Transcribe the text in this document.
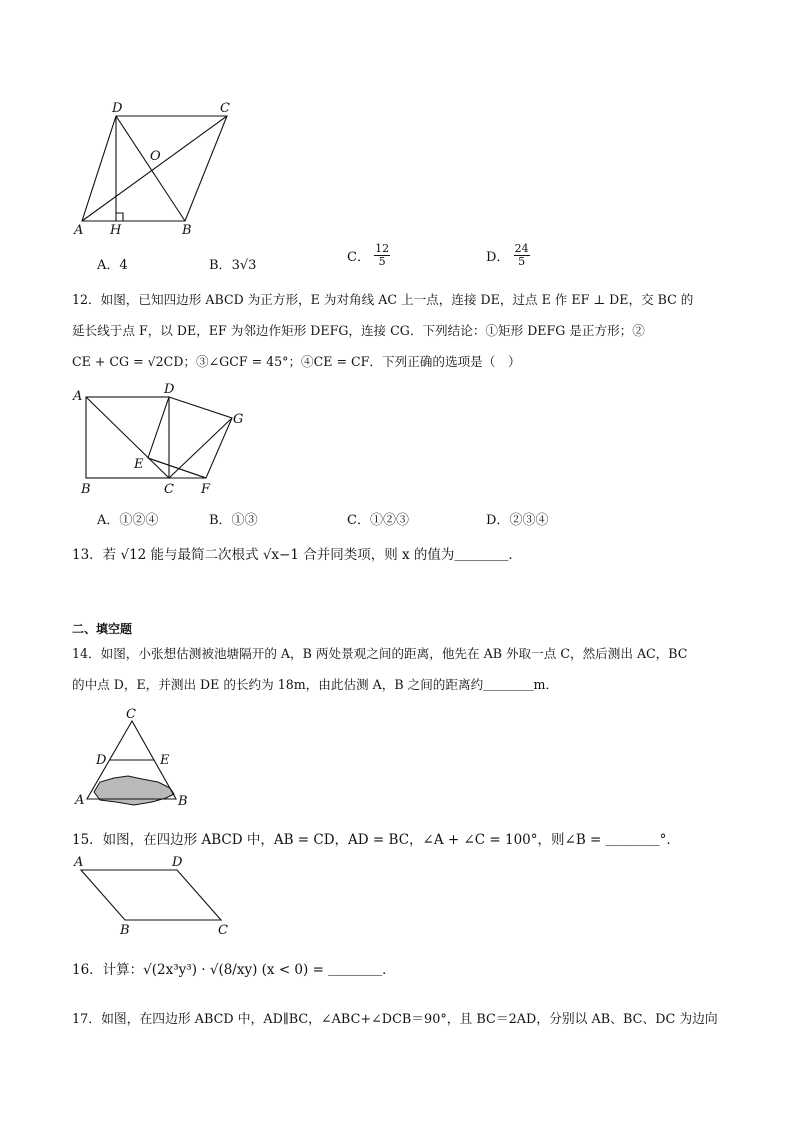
D	C
O
A H	B
A．4	B．3√3
C． $\frac{12}{5}$	D． $\frac{24}{5}$
12．如图，已知四边形 ABCD 为正方形，E 为对角线 AC 上一点，连接 DE，过点 E 作 EF ⊥ DE，交 BC 的
延长线于点 F，以 DE，EF 为邻边作矩形 DEFG，连接 CG．下列结论：①矩形 DEFG 是正方形；②
CE + CG = √2CD；③∠GCF = 45°；④CE = CF．下列正确的选项是（　）
A	D
G
E
B	C F
A．①②④	B．①③	C．①②③	D．②③④
13．若 √12 能与最简二次根式 √x−1 合并同类项，则 x 的值为＿＿＿＿．
二、填空题
14．如图，小张想估测被池塘隔开的 A，B 两处景观之间的距离，他先在 AB 外取一点 C，然后测出 AC，BC
的中点 D，E，并测出 DE 的长约为 18m，由此估测 A，B 之间的距离约＿＿＿＿m．
C
D	E
A	B
15．如图，在四边形 ABCD 中，AB = CD，AD = BC，∠A + ∠C = 100°，则∠B = ＿＿＿＿°．
A	D
B	C
16．计算：√(2x³y³) · √(8/xy) (x < 0) = ＿＿＿＿．
17．如图，在四边形 ABCD 中，AD∥BC，∠ABC+∠DCB＝90°，且 BC＝2AD，分别以 AB、BC、DC 为边向
